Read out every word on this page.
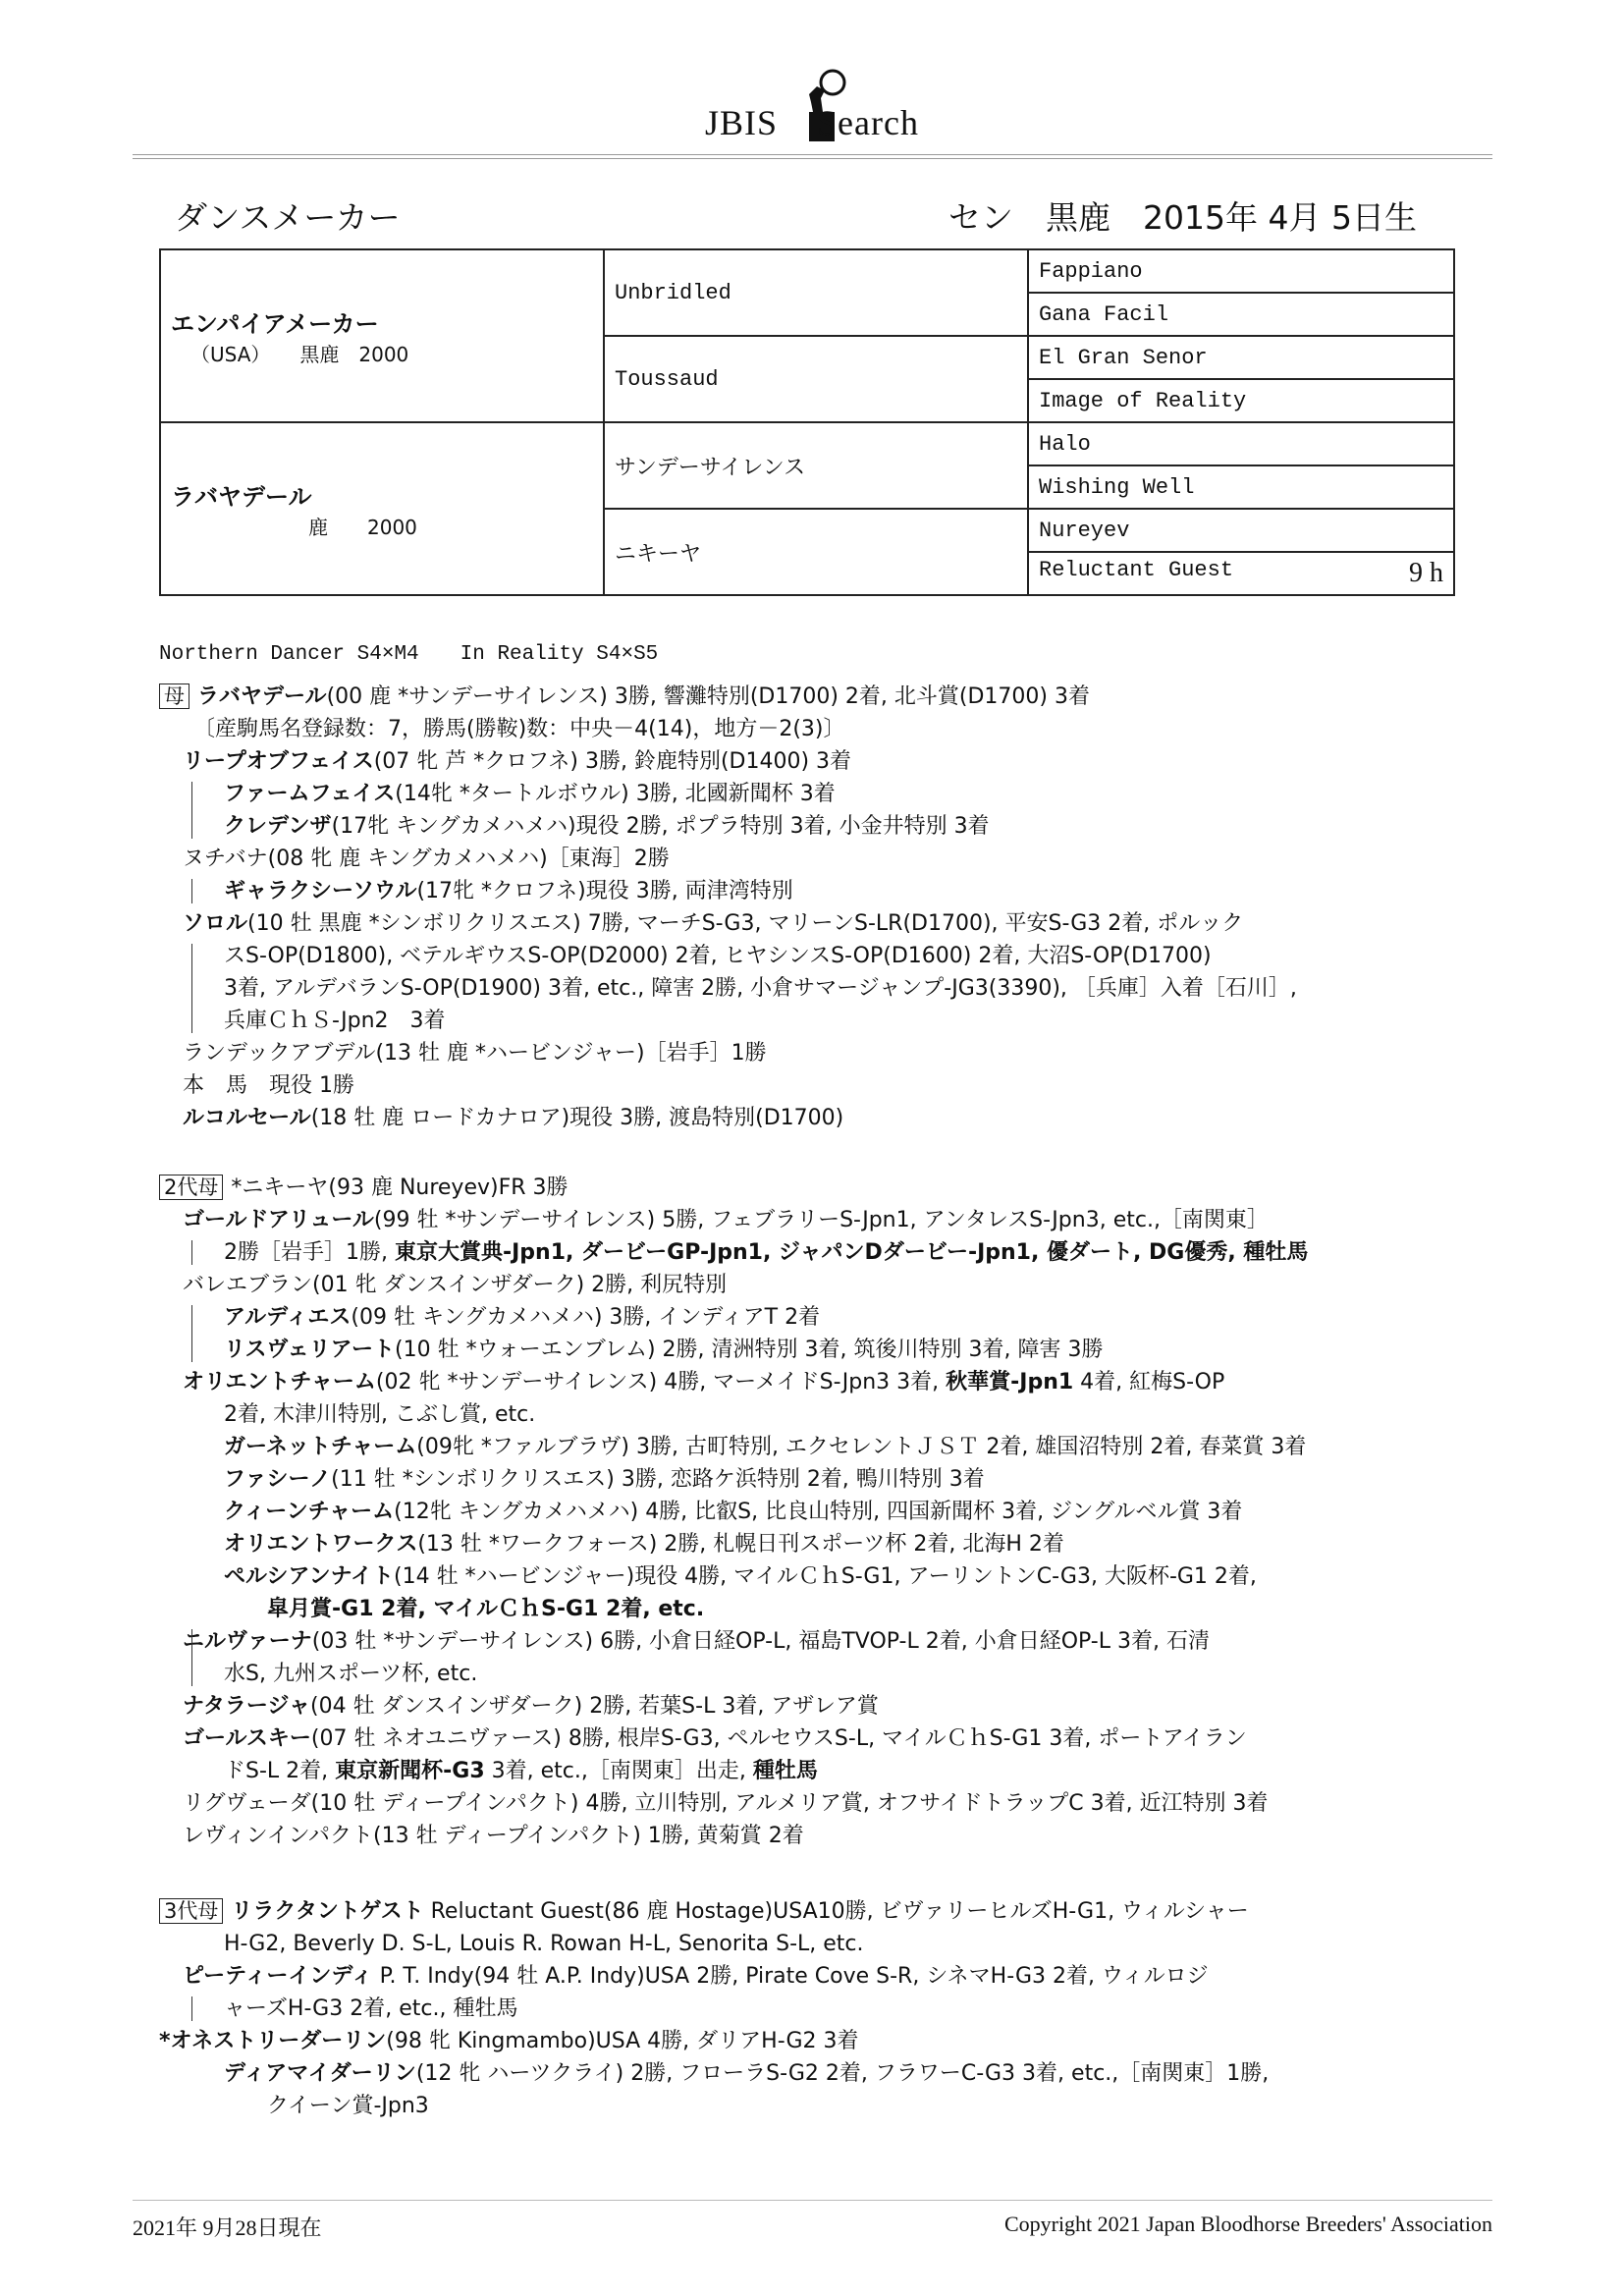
JBIS Search
ダンスメーカー	セン　黒鹿　2015年 4月 5日生
エンパイアメーカー
（USA）　　黒鹿　2000	Unbridled	Fappiano
		Gana Facil
	Toussaud	El Gran Senor
		Image of Reality

ラバヤデール
鹿　　2000	サンデーサイレンス	Halo
		Wishing Well
	ニキーヤ	Nureyev

		Reluctant Guest 9 h
Northern Dancer S4×M4　　In Reality S4×S5
母 ラバヤデール(00 鹿 *サンデーサイレンス) 3勝, 響灘特別(D1700) 2着, 北斗賞(D1700) 3着
　〔産駒馬名登録数：7，勝馬(勝鞍)数：中央－4(14)，地方－2(3)〕
リープオブフェイス(07 牝 芦 *クロフネ) 3勝, 鈴鹿特別(D1400) 3着
ファームフェイス(14牝 *タートルボウル) 3勝, 北國新聞杯 3着
クレデンザ(17牝 キングカメハメハ)現役 2勝, ポプラ特別 3着, 小金井特別 3着
ヌチバナ(08 牝 鹿 キングカメハメハ)［東海］2勝
ギャラクシーソウル(17牝 *クロフネ)現役 3勝, 両津湾特別
ソロル(10 牡 黒鹿 *シンボリクリスエス) 7勝, マーチS-G3, マリーンS-LR(D1700), 平安S-G3 2着, ポルック
スS-OP(D1800), ベテルギウスS-OP(D2000) 2着, ヒヤシンスS-OP(D1600) 2着, 大沼S-OP(D1700)
3着, アルデバランS-OP(D1900) 3着, etc., 障害 2勝, 小倉サマージャンプ-JG3(3390), ［兵庫］入着［石川］,
兵庫ＣｈＳ-Jpn2　3着
ランデックアブデル(13 牡 鹿 *ハービンジャー)［岩手］1勝
本　馬　現役 1勝
ルコルセール(18 牡 鹿 ロードカナロア)現役 3勝, 渡島特別(D1700)
2代母 *ニキーヤ(93 鹿 Nureyev)FR 3勝
ゴールドアリュール(99 牡 *サンデーサイレンス) 5勝, フェブラリーS-Jpn1, アンタレスS-Jpn3, etc.,［南関東］
2勝［岩手］1勝, 東京大賞典-Jpn1, ダービーGP-Jpn1, ジャパンDダービー-Jpn1, 優ダート, DG優秀, 種牡馬
バレエブラン(01 牝 ダンスインザダーク) 2勝, 利尻特別
アルディエス(09 牡 キングカメハメハ) 3勝, インディアT 2着
リスヴェリアート(10 牡 *ウォーエンブレム) 2勝, 清洲特別 3着, 筑後川特別 3着, 障害 3勝
オリエントチャーム(02 牝 *サンデーサイレンス) 4勝, マーメイドS-Jpn3 3着, 秋華賞-Jpn1 4着, 紅梅S-OP
2着, 木津川特別, こぶし賞, etc.
ガーネットチャーム(09牝 *ファルブラヴ) 3勝, 古町特別, エクセレントＪＳＴ 2着, 雄国沼特別 2着, 春菜賞 3着
ファシーノ(11 牡 *シンボリクリスエス) 3勝, 恋路ケ浜特別 2着, 鴨川特別 3着
クィーンチャーム(12牝 キングカメハメハ) 4勝, 比叡S, 比良山特別, 四国新聞杯 3着, ジングルベル賞 3着
オリエントワークス(13 牡 *ワークフォース) 2勝, 札幌日刊スポーツ杯 2着, 北海H 2着
ペルシアンナイト(14 牡 *ハービンジャー)現役 4勝, マイルＣｈS-G1, アーリントンC-G3, 大阪杯-G1 2着,
皐月賞-G1 2着, マイルＣｈS-G1 2着, etc.
ニルヴァーナ(03 牡 *サンデーサイレンス) 6勝, 小倉日経OP-L, 福島TVOP-L 2着, 小倉日経OP-L 3着, 石清
水S, 九州スポーツ杯, etc.
ナタラージャ(04 牡 ダンスインザダーク) 2勝, 若葉S-L 3着, アザレア賞
ゴールスキー(07 牡 ネオユニヴァース) 8勝, 根岸S-G3, ペルセウスS-L, マイルＣｈS-G1 3着, ポートアイラン
ドS-L 2着, 東京新聞杯-G3 3着, etc.,［南関東］出走, 種牡馬
リグヴェーダ(10 牡 ディープインパクト) 4勝, 立川特別, アルメリア賞, オフサイドトラップC 3着, 近江特別 3着
レヴィンインパクト(13 牡 ディープインパクト) 1勝, 黄菊賞 2着
3代母 リラクタントゲスト Reluctant Guest(86 鹿 Hostage)USA10勝, ビヴァリーヒルズH-G1, ウィルシャー
H-G2, Beverly D. S-L, Louis R. Rowan H-L, Senorita S-L, etc.
ピーティーインディ P. T. Indy(94 牡 A.P. Indy)USA 2勝, Pirate Cove S-R, シネマH-G3 2着, ウィルロジ
ャーズH-G3 2着, etc., 種牡馬
*オネストリーダーリン(98 牝 Kingmambo)USA 4勝, ダリアH-G2 3着
ディアマイダーリン(12 牝 ハーツクライ) 2勝, フローラS-G2 2着, フラワーC-G3 3着, etc.,［南関東］1勝,
クイーン賞-Jpn3
2021年 9月28日現在	Copyright 2021 Japan Bloodhorse Breeders' Association
